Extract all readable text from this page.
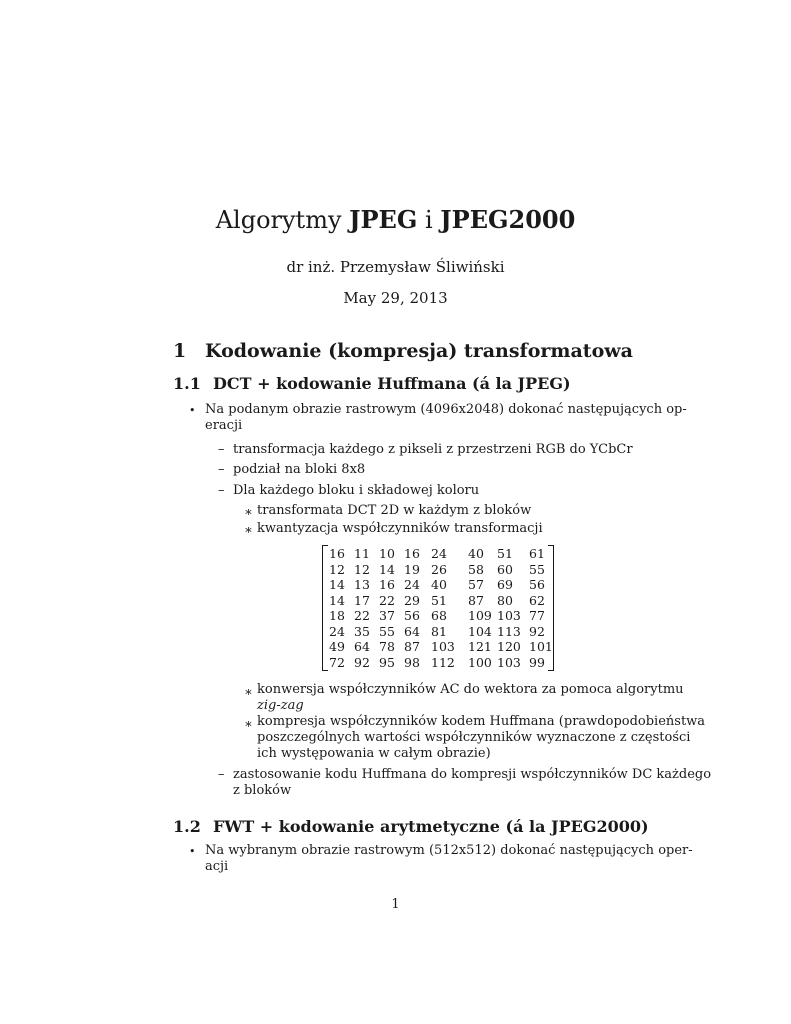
Algorytmy JPEG i JPEG2000
dr inż. Przemysław Śliwiński
May 29, 2013
1 Kodowanie (kompresja) transformatowa
1.1 DCT + kodowanie Huffmana (á la JPEG)
• Na podanym obrazie rastrowym (4096x2048) dokonać następujących op-
eracji
– transformacja każdego z pikseli z przestrzeni RGB do YCbCr
– podział na bloki 8x8
– Dla każdego bloku i składowej koloru
∗ transformata DCT 2D w każdym z bloków
∗ kwantyzacja współczynników transformacji
16	11	10	16	24	40	51	61
12	12	14	19	26	58	60	55
14	13	16	24	40	57	69	56
14	17	22	29	51	87	80	62
18	22	37	56	68	109	103	77
24	35	55	64	81	104	113	92
49	64	78	87	103	121	120	101
72	92	95	98	112	100	103	99
∗ konwersja współczynników AC do wektora za pomoca algorytmu
zig-zag
∗ kompresja współczynników kodem Huffmana (prawdopodobieństwa
poszczególnych wartości współczynników wyznaczone z częstości
ich występowania w całym obrazie)
– zastosowanie kodu Huffmana do kompresji współczynników DC każdego
z bloków
1.2 FWT + kodowanie arytmetyczne (á la JPEG2000)
• Na wybranym obrazie rastrowym (512x512) dokonać następujących oper-
acji
1
